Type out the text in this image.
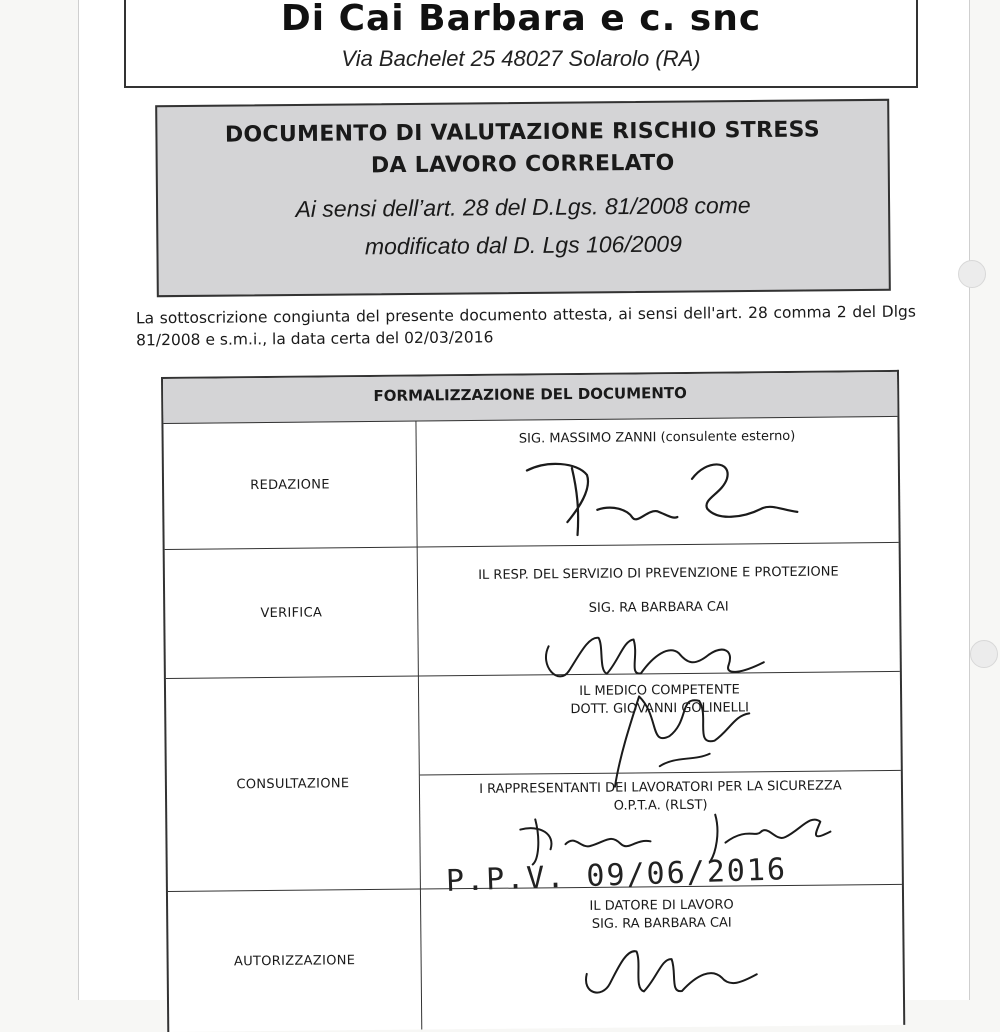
Di Cai Barbara e c. snc
Via Bachelet 25 48027 Solarolo (RA)
DOCUMENTO DI VALUTAZIONE RISCHIO STRESS
DA LAVORO CORRELATO
Ai sensi dell’art. 28 del D.Lgs. 81/2008 come
modificato dal D. Lgs 106/2009
La sottoscrizione congiunta del presente documento attesta, ai sensi dell'art. 28 comma 2 del Dlgs 81/2008 e s.m.i., la data certa del 02/03/2016
FORMALIZZAZIONE DEL DOCUMENTO
REDAZIONE
SIG. MASSIMO ZANNI (consulente esterno)
VERIFICA
IL RESP. DEL SERVIZIO DI PREVENZIONE E PROTEZIONE
SIG. RA BARBARA CAI
CONSULTAZIONE
IL MEDICO COMPETENTE
DOTT. GIOVANNI GOLINELLI
I RAPPRESENTANTI DEI LAVORATORI PER LA SICUREZZA
O.P.T.A. (RLST)
AUTORIZZAZIONE
IL DATORE DI LAVORO
SIG. RA BARBARA CAI
P.P.V. 09/06/2016
